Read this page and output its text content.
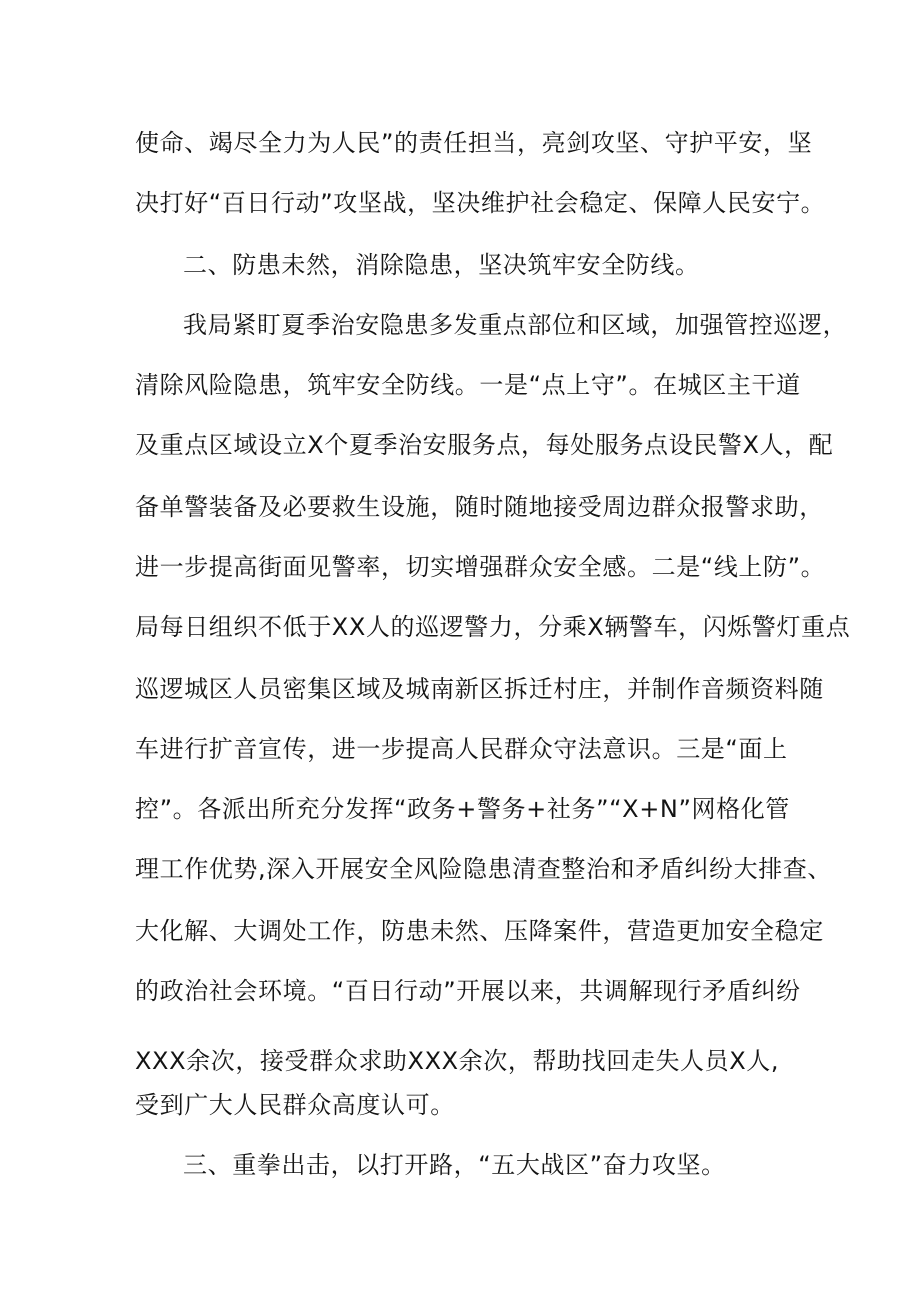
使命、竭尽全力为人民”的责任担当，亮剑攻坚、守护平安，坚
决打好“百日行动”攻坚战，坚决维护社会稳定、保障人民安宁。
二、防患未然，消除隐患，坚决筑牢安全防线。
我局紧盯夏季治安隐患多发重点部位和区域，加强管控巡逻，
清除风险隐患，筑牢安全防线。一是“点上守”。在城区主干道
及重点区域设立X个夏季治安服务点，每处服务点设民警X人，配
备单警装备及必要救生设施，随时随地接受周边群众报警求助，
进一步提高街面见警率，切实增强群众安全感。二是“线上防”。
局每日组织不低于XX人的巡逻警力，分乘X辆警车，闪烁警灯重点
巡逻城区人员密集区域及城南新区拆迁村庄，并制作音频资料随
车进行扩音宣传，进一步提高人民群众守法意识。三是“面上
控”。各派出所充分发挥“政务+警务+社务”“X+N”网格化管
理工作优势,深入开展安全风险隐患清查整治和矛盾纠纷大排查、
大化解、大调处工作，防患未然、压降案件，营造更加安全稳定
的政治社会环境。“百日行动”开展以来，共调解现行矛盾纠纷
XXX余次，接受群众求助XXX余次，帮助找回走失人员X人,
受到广大人民群众高度认可。
三、重拳出击，以打开路，“五大战区”奋力攻坚。
